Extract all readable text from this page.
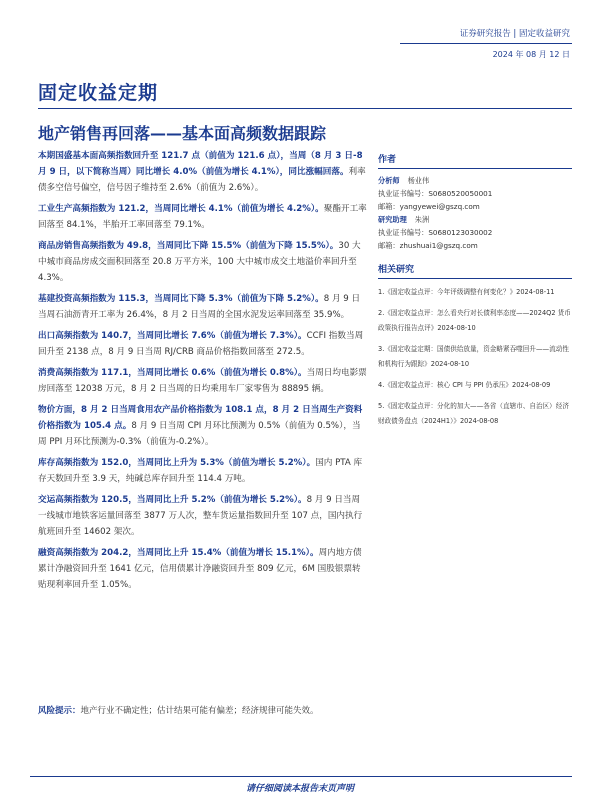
证券研究报告 | 固定收益研究
2024 年 08 月 12 日
固定收益定期
地产销售再回落——基本面高频数据跟踪

本期国盛基本面高频指数回升至 121.7 点（前值为 121.6 点），当周（8 月 3 日-8 月 9 日，以下简称当周）同比增长 4.0%（前值为增长 4.1%），同比涨幅回落。利率债多空信号偏空，信号因子维持至 2.6%（前值为 2.6%）。

工业生产高频指数为 121.2，当周同比增长 4.1%（前值为增长 4.2%）。聚酯开工率回落至 84.1%，半胎开工率回落至 79.1%。

商品房销售高频指数为 49.8，当周同比下降 15.5%（前值为下降 15.5%）。30 大中城市商品房成交面积回落至 20.8 万平方米，100 大中城市成交土地溢价率回升至 4.3%。

基建投资高频指数为 115.3，当周同比下降 5.3%（前值为下降 5.2%）。8 月 9 日当周石油沥青开工率为 26.4%，8 月 2 日当周的全国水泥发运率回落至 35.9%。

出口高频指数为 140.7，当周同比增长 7.6%（前值为增长 7.3%）。CCFI 指数当周回升至 2138 点，8 月 9 日当周 RJ/CRB 商品价格指数回落至 272.5。

消费高频指数为 117.1，当周同比增长 0.6%（前值为增长 0.8%）。当周日均电影票房回落至 12038 万元，8 月 2 日当周的日均乘用车厂家零售为 88895 辆。

物价方面，8 月 2 日当周食用农产品价格指数为 108.1 点，8 月 2 日当周生产资料价格指数为 105.4 点。8 月 9 日当周 CPI 月环比预测为 0.5%（前值为 0.5%），当周 PPI 月环比预测为-0.3%（前值为-0.2%）。

库存高频指数为 152.0，当周同比上升为 5.3%（前值为增长 5.2%）。国内 PTA 库存天数回升至 3.9 天，纯碱总库存回升至 114.4 万吨。

交运高频指数为 120.5，当周同比上升 5.2%（前值为增长 5.2%）。8 月 9 日当周一线城市地铁客运量回落至 3877 万人次，整车货运量指数回升至 107 点，国内执行航班回升至 14602 架次。

融资高频指数为 204.2，当周同比上升 15.4%（前值为增长 15.1%）。周内地方债累计净融资回升至 1641 亿元，信用债累计净融资回升至 809 亿元，6M 国股银票转贴现利率回升至 1.05%。

作者
分析师 杨业伟
执业证书编号：S0680520050001
邮箱：yangyewei@gszq.com
研究助理 朱洲
执业证书编号：S0680123030002
邮箱：zhushuai1@gszq.com
相关研究
1.《固定收益点评：今年评级调整有何变化？》2024-08-11
2.《固定收益点评：怎么看央行对长债利率态度——2024Q2 货币政策执行报告点评》2024-08-10
3.《固定收益定期：国债供给放量，资金略紧吞噬回升——流动性和机构行为跟踪》2024-08-10
4.《固定收益点评：核心 CPI 与 PPI 仍承压》2024-08-09
5.《固定收益点评：分化的加大——各省（直辖市、自治区）经济财政债务盘点（2024H1）》2024-08-08
风险提示：地产行业不确定性；估计结果可能有偏差；经济规律可能失效。
请仔细阅读本报告末页声明
